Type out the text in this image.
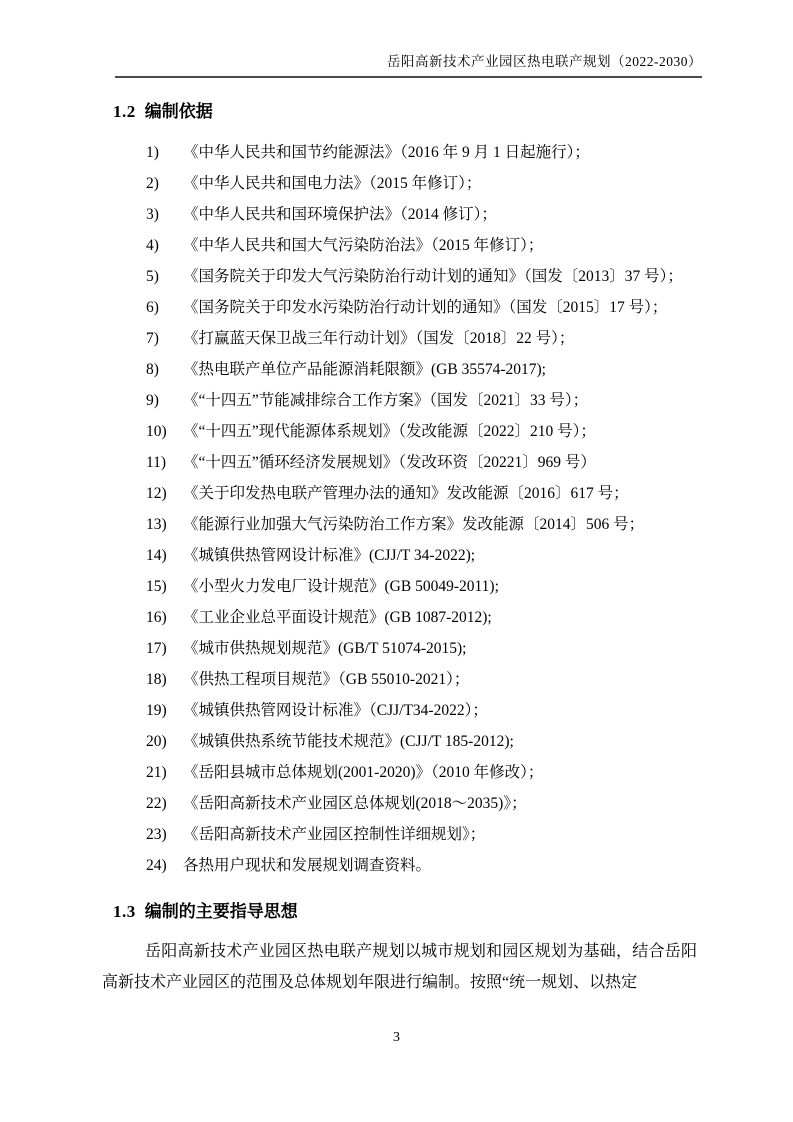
岳阳高新技术产业园区热电联产规划（2022-2030）
1.2 编制依据
1)	《中华人民共和国节约能源法》（2016 年 9 月 1 日起施行）；
2)	《中华人民共和国电力法》（2015 年修订）；
3)	《中华人民共和国环境保护法》（2014 修订）；
4)	《中华人民共和国大气污染防治法》（2015 年修订）；
5)	《国务院关于印发大气污染防治行动计划的通知》（国发〔2013〕37 号）；
6)	《国务院关于印发水污染防治行动计划的通知》（国发〔2015〕17 号）；
7)	《打赢蓝天保卫战三年行动计划》（国发〔2018〕22 号）；
8)	《热电联产单位产品能源消耗限额》(GB 35574-2017);
9)	《“十四五”节能减排综合工作方案》（国发〔2021〕33 号）；
10)	《“十四五”现代能源体系规划》（发改能源〔2022〕210 号）；
11)	《“十四五”循环经济发展规划》（发改环资〔20221〕969 号）
12)	《关于印发热电联产管理办法的通知》发改能源〔2016〕617 号；
13)	《能源行业加强大气污染防治工作方案》发改能源〔2014〕506 号；
14)	《城镇供热管网设计标准》(CJJ/T 34-2022);
15)	《小型火力发电厂设计规范》(GB 50049-2011);
16)	《工业企业总平面设计规范》(GB 1087-2012);
17)	《城市供热规划规范》(GB/T 51074-2015);
18)	《供热工程项目规范》（GB 55010-2021）；
19)	《城镇供热管网设计标准》（CJJ/T34-2022）；
20)	《城镇供热系统节能技术规范》(CJJ/T 185-2012);
21)	《岳阳县城市总体规划(2001-2020)》（2010 年修改）；
22)	《岳阳高新技术产业园区总体规划(2018～2035)》；
23)	《岳阳高新技术产业园区控制性详细规划》；
24)	各热用户现状和发展规划调查资料。
1.3 编制的主要指导思想
岳阳高新技术产业园区热电联产规划以城市规划和园区规划为基础，结合岳阳高新技术产业园区的范围及总体规划年限进行编制。按照“统一规划、以热定
3
